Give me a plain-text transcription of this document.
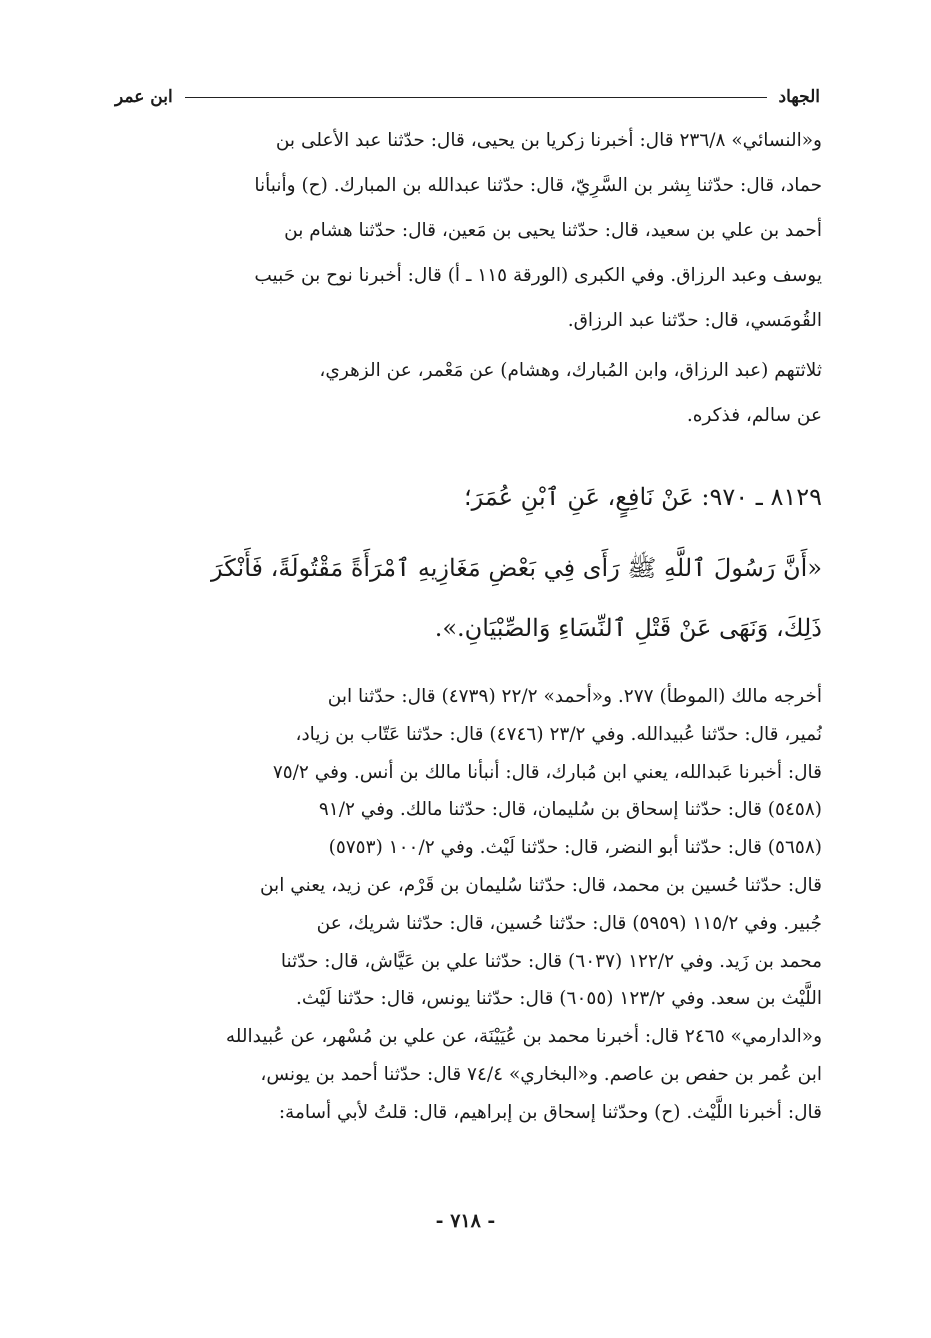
الجهاد
ابن عمر
و«النسائي» ٢٣٦/٨ قال: أخبرنا زكريا بن يحيى، قال: حدّثنا عبد الأعلى بن
حماد، قال: حدّثنا بِشر بن السَّرِيّ، قال: حدّثنا عبدالله بن المبارك. (ح) وأنبأنا
أحمد بن علي بن سعيد، قال: حدّثنا يحيى بن مَعين، قال: حدّثنا هشام بن
يوسف وعبد الرزاق. وفي الكبرى (الورقة ١١٥ ـ أ) قال: أخبرنا نوح بن حَبيب
القُومَسي، قال: حدّثنا عبد الرزاق.
ثلاثتهم (عبد الرزاق، وابن المُبارك، وهشام) عن مَعْمر، عن الزهري،
عن سالم، فذكره.
٨١٢٩ ـ ٩٧٠: عَنْ نَافِعٍ، عَنِ ٱبْنِ عُمَرَ؛
«أَنَّ رَسُولَ ٱللَّهِ ﷺ رَأَى فِي بَعْضِ مَغَازِيهِ ٱمْرَأَةً مَقْتُولَةً، فَأَنْكَرَ
ذَلِكَ، وَنَهَى عَنْ قَتْلِ ٱلنِّسَاءِ وَالصِّبْيَانِ.».
أخرجه مالك (الموطأ) ٢٧٧. و«أحمد» ٢٢/٢ (٤٧٣٩) قال: حدّثنا ابن
نُمير، قال: حدّثنا عُبيدالله. وفي ٢٣/٢ (٤٧٤٦) قال: حدّثنا عَتّاب بن زياد،
قال: أخبرنا عَبدالله، يعني ابن مُبارك، قال: أنبأنا مالك بن أنس. وفي ٧٥/٢
(٥٤٥٨) قال: حدّثنا إسحاق بن سُليمان، قال: حدّثنا مالك. وفي ٩١/٢
(٥٦٥٨) قال: حدّثنا أبو النضر، قال: حدّثنا لَيْث. وفي ١٠٠/٢ (٥٧٥٣)
قال: حدّثنا حُسين بن محمد، قال: حدّثنا سُليمان بن قَرْم، عن زيد، يعني ابن
جُبير. وفي ١١٥/٢ (٥٩٥٩) قال: حدّثنا حُسين، قال: حدّثنا شريك، عن
محمد بن زَيد. وفي ١٢٢/٢ (٦٠٣٧) قال: حدّثنا علي بن عَيَّاش، قال: حدّثنا
اللَّيْث بن سعد. وفي ١٢٣/٢ (٦٠٥٥) قال: حدّثنا يونس، قال: حدّثنا لَيْث.
و«الدارمي» ٢٤٦٥ قال: أخبرنا محمد بن عُيَيْنَة، عن علي بن مُسْهر، عن عُبيدالله
ابن عُمر بن حفص بن عاصم. و«البخاري» ٧٤/٤ قال: حدّثنا أحمد بن يونس،
قال: أخبرنا اللَّيْث. (ح) وحدّثنا إسحاق بن إبراهيم، قال: قلتُ لأبي أسامة:
- ٧١٨ -
